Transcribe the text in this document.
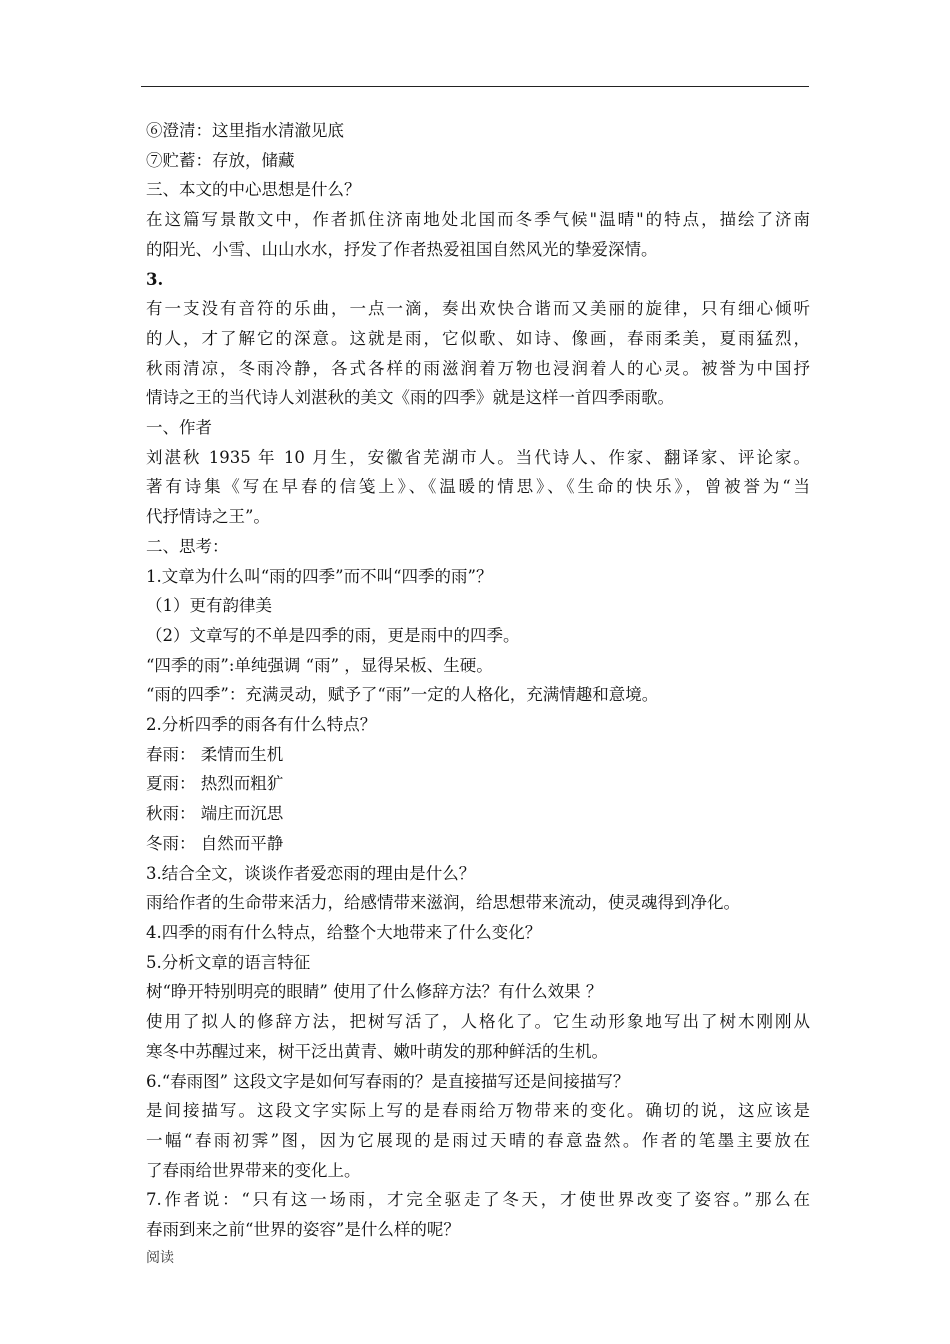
⑥澄清：这里指水清澈见底

⑦贮蓄：存放，储藏

三、本文的中心思想是什么？

在这篇写景散文中，作者抓住济南地处北国而冬季气候"温晴"的特点，描绘了济南

的阳光、小雪、山山水水，抒发了作者热爱祖国自然风光的挚爱深情。

3.

有一支没有音符的乐曲，一点一滴，奏出欢快合谐而又美丽的旋律，只有细心倾听

的人，才了解它的深意。这就是雨，它似歌、如诗、像画，春雨柔美，夏雨猛烈，

秋雨清凉，冬雨冷静，各式各样的雨滋润着万物也浸润着人的心灵。被誉为中国抒

情诗之王的当代诗人刘湛秋的美文《雨的四季》就是这样一首四季雨歌。

一、作者

刘湛秋 1935 年 10 月生，安徽省芜湖市人。当代诗人、作家、翻译家、评论家。

著有诗集《写在早春的信笺上》、《温暖的情思》、《生命的快乐》，曾被誉为“当

代抒情诗之王”。

二、思考：

1.文章为什么叫“雨的四季”而不叫“四季的雨”？

（1）更有韵律美

（2）文章写的不单是四季的雨，更是雨中的四季。

“四季的雨”:单纯强调 “雨” ，显得呆板、生硬。

“雨的四季”：充满灵动，赋予了“雨”一定的人格化，充满情趣和意境。

2.分析四季的雨各有什么特点？

春雨： 柔情而生机

夏雨： 热烈而粗犷

秋雨： 端庄而沉思

冬雨： 自然而平静

3.结合全文，谈谈作者爱恋雨的理由是什么？

雨给作者的生命带来活力，给感情带来滋润，给思想带来流动，使灵魂得到净化。

4.四季的雨有什么特点，给整个大地带来了什么变化？

5.分析文章的语言特征

树“睁开特别明亮的眼睛” 使用了什么修辞方法？有什么效果 ？

使用了拟人的修辞方法，把树写活了，人格化了。它生动形象地写出了树木刚刚从

寒冬中苏醒过来，树干泛出黄青、嫩叶萌发的那种鲜活的生机。

6.“春雨图” 这段文字是如何写春雨的？是直接描写还是间接描写？

是间接描写。这段文字实际上写的是春雨给万物带来的变化。确切的说，这应该是

一幅“春雨初霁”图，因为它展现的是雨过天晴的春意盎然。作者的笔墨主要放在

了春雨给世界带来的变化上。

7.作者说：“只有这一场雨，才完全驱走了冬天，才使世界改变了姿容。”那么在

春雨到来之前“世界的姿容”是什么样的呢？

阅读
